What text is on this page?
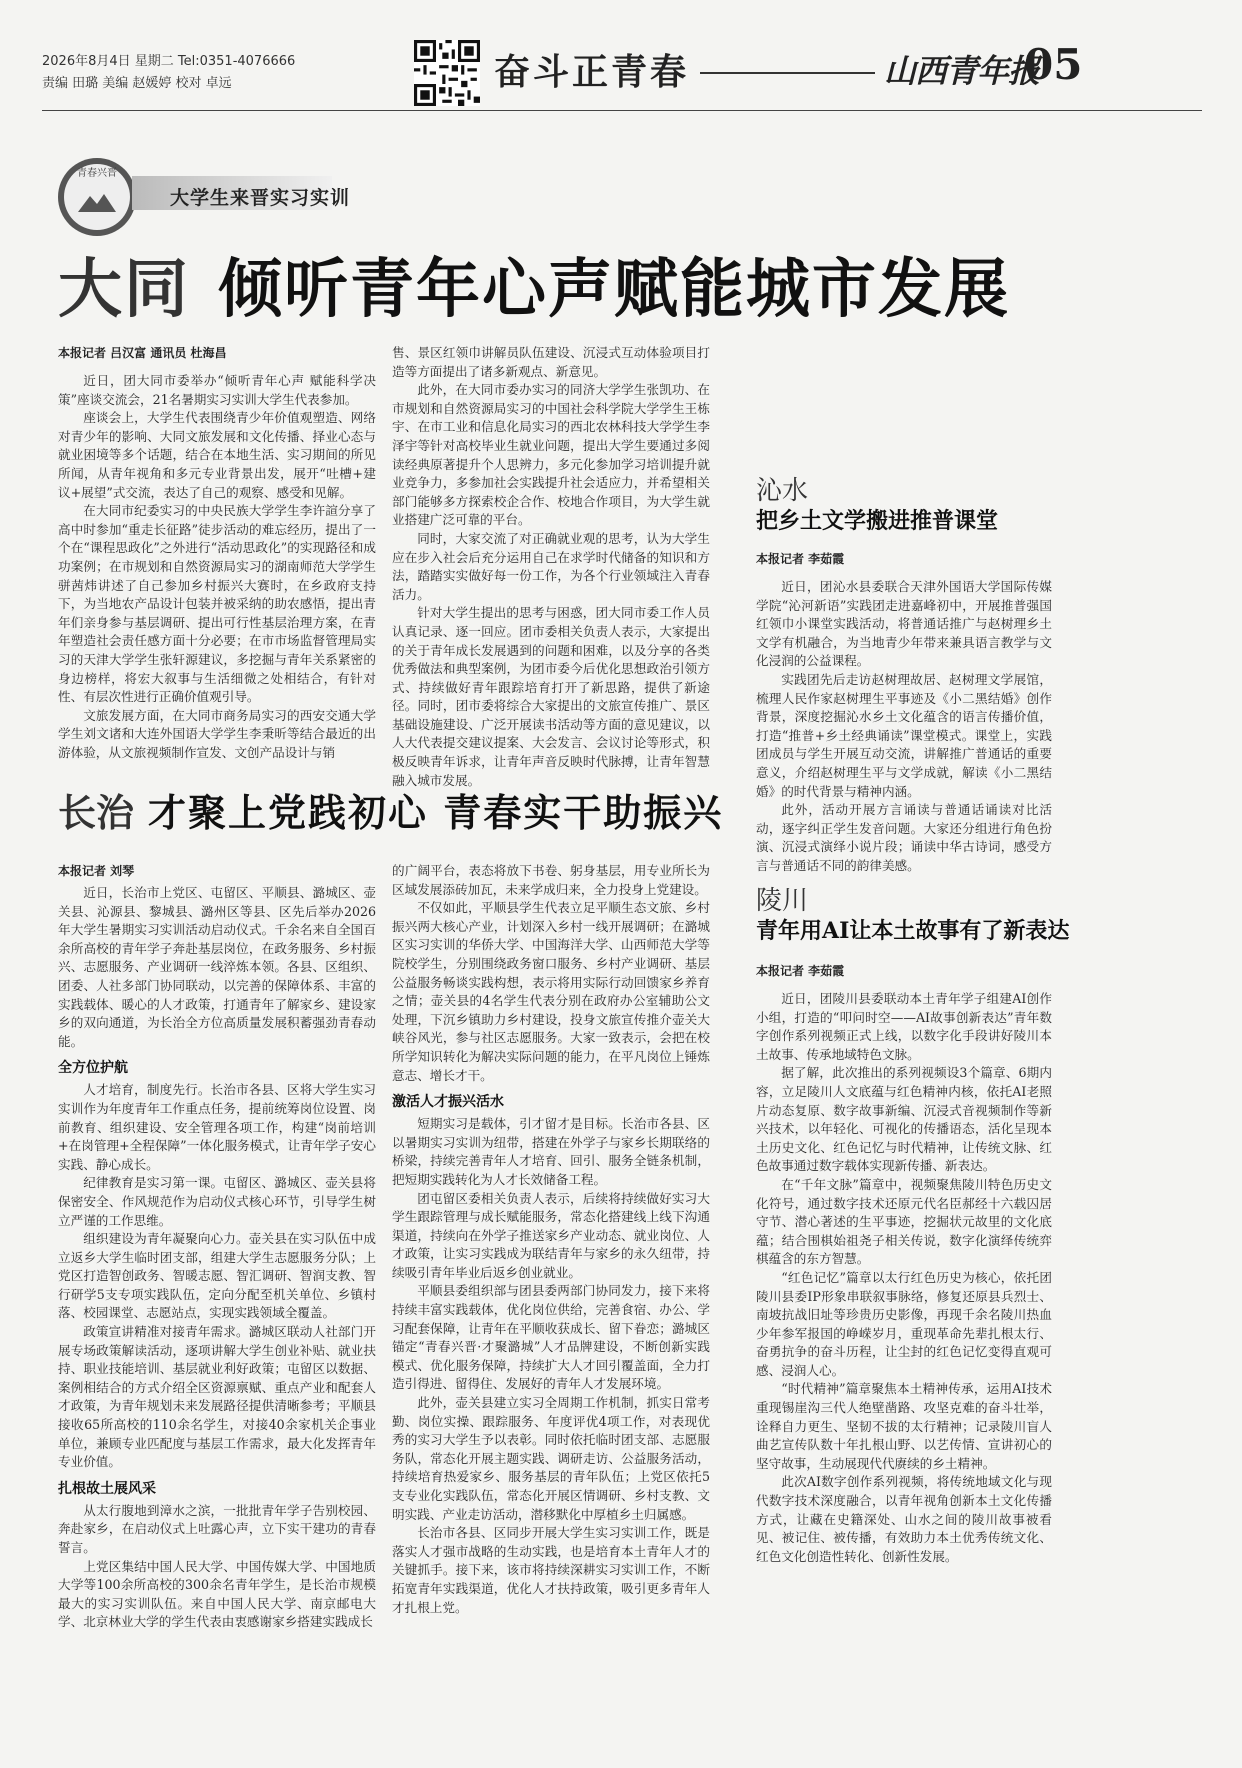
2026年8月4日 星期二 Tel:0351-4076666
责编 田璐 美编 赵媛婷 校对 卓远	奋斗正青春	山西青年报
05
青春兴晋
大学生来晋实习实训
大同 倾听青年心声赋能城市发展
本报记者 吕汉富 通讯员 杜海昌

近日，团大同市委举办“倾听青年心声 赋能科学决策”座谈交流会，21名暑期实习实训大学生代表参加。

座谈会上，大学生代表围绕青少年价值观塑造、网络对青少年的影响、大同文旅发展和文化传播、择业心态与就业困境等多个话题，结合在本地生活、实习期间的所见所闻，从青年视角和多元专业背景出发，展开“吐槽+建议+展望”式交流，表达了自己的观察、感受和见解。

在大同市纪委实习的中央民族大学学生李许諠分享了高中时参加“重走长征路”徒步活动的难忘经历，提出了一个在“课程思政化”之外进行“活动思政化”的实现路径和成功案例；在市规划和自然资源局实习的湖南师范大学学生骈茜炜讲述了自己参加乡村振兴大赛时，在乡政府支持下，为当地农产品设计包装并被采纳的助农感悟，提出青年们亲身参与基层调研、提出可行性基层治理方案，在青年塑造社会责任感方面十分必要；在市市场监督管理局实习的天津大学学生张轩源建议，多挖掘与青年关系紧密的身边榜样，将宏大叙事与生活细微之处相结合，有针对性、有层次性进行正确价值观引导。

文旅发展方面，在大同市商务局实习的西安交通大学学生刘文诸和大连外国语大学学生李秉昕等结合最近的出游体验，从文旅视频制作宣发、文创产品设计与销

售、景区红领巾讲解员队伍建设、沉浸式互动体验项目打造等方面提出了诸多新观点、新意见。

此外，在大同市委办实习的同济大学学生张凯功、在市规划和自然资源局实习的中国社会科学院大学学生王栋宇、在市工业和信息化局实习的西北农林科技大学学生李泽宇等针对高校毕业生就业问题，提出大学生要通过多阅读经典原著提升个人思辨力，多元化参加学习培训提升就业竞争力，多参加社会实践提升社会适应力，并希望相关部门能够多方探索校企合作、校地合作项目，为大学生就业搭建广泛可靠的平台。

同时，大家交流了对正确就业观的思考，认为大学生应在步入社会后充分运用自己在求学时代储备的知识和方法，踏踏实实做好每一份工作，为各个行业领域注入青春活力。

针对大学生提出的思考与困惑，团大同市委工作人员认真记录、逐一回应。团市委相关负责人表示，大家提出的关于青年成长发展遇到的问题和困难，以及分享的各类优秀做法和典型案例，为团市委今后优化思想政治引领方式、持续做好青年跟踪培育打开了新思路，提供了新途径。同时，团市委将综合大家提出的文旅宣传推广、景区基础设施建设、广泛开展读书活动等方面的意见建议，以人大代表提交建议提案、大会发言、会议讨论等形式，积极反映青年诉求，让青年声音反映时代脉搏，让青年智慧融入城市发展。

长治 才聚上党践初心 青春实干助振兴
本报记者 刘琴

近日，长治市上党区、屯留区、平顺县、潞城区、壶关县、沁源县、黎城县、潞州区等县、区先后举办2026年大学生暑期实习实训活动启动仪式。千余名来自全国百余所高校的青年学子奔赴基层岗位，在政务服务、乡村振兴、志愿服务、产业调研一线淬炼本领。各县、区组织、团委、人社多部门协同联动，以完善的保障体系、丰富的实践载体、暖心的人才政策，打通青年了解家乡、建设家乡的双向通道，为长治全方位高质量发展积蓄强劲青春动能。

全方位护航

人才培育，制度先行。长治市各县、区将大学生实习实训作为年度青年工作重点任务，提前统筹岗位设置、岗前教育、组织建设、安全管理各项工作，构建“岗前培训+在岗管理+全程保障”一体化服务模式，让青年学子安心实践、静心成长。

纪律教育是实习第一课。屯留区、潞城区、壶关县将保密安全、作风规范作为启动仪式核心环节，引导学生树立严谨的工作思维。

组织建设为青年凝聚向心力。壶关县在实习队伍中成立返乡大学生临时团支部，组建大学生志愿服务分队；上党区打造智创政务、智暖志愿、智汇调研、智润支教、智行研学5支专项实践队伍，定向分配至机关单位、乡镇村落、校园课堂、志愿站点，实现实践领域全覆盖。

政策宣讲精准对接青年需求。潞城区联动人社部门开展专场政策解读活动，逐项讲解大学生创业补贴、就业扶持、职业技能培训、基层就业利好政策；屯留区以数据、案例相结合的方式介绍全区资源禀赋、重点产业和配套人才政策，为青年规划未来发展路径提供清晰参考；平顺县接收65所高校的110余名学生，对接40余家机关企事业单位，兼顾专业匹配度与基层工作需求，最大化发挥青年专业价值。

扎根故土展风采

从太行腹地到漳水之滨，一批批青年学子告别校园、奔赴家乡，在启动仪式上吐露心声，立下实干建功的青春誓言。

上党区集结中国人民大学、中国传媒大学、中国地质大学等100余所高校的300余名青年学生，是长治市规模最大的实习实训队伍。来自中国人民大学、南京邮电大学、北京林业大学的学生代表由衷感谢家乡搭建实践成长

的广阔平台，表态将放下书卷、躬身基层，用专业所长为区域发展添砖加瓦，未来学成归来，全力投身上党建设。

不仅如此，平顺县学生代表立足平顺生态文旅、乡村振兴两大核心产业，计划深入乡村一线开展调研；在潞城区实习实训的华侨大学、中国海洋大学、山西师范大学等院校学生，分别围绕政务窗口服务、乡村产业调研、基层公益服务畅谈实践构想，表示将用实际行动回馈家乡养育之情；壶关县的4名学生代表分别在政府办公室辅助公文处理，下沉乡镇助力乡村建设，投身文旅宣传推介壶关大峡谷风光，参与社区志愿服务。大家一致表示，会把在校所学知识转化为解决实际问题的能力，在平凡岗位上锤炼意志、增长才干。

激活人才振兴活水

短期实习是载体，引才留才是目标。长治市各县、区以暑期实习实训为纽带，搭建在外学子与家乡长期联络的桥梁，持续完善青年人才培育、回引、服务全链条机制，把短期实践转化为人才长效储备工程。

团屯留区委相关负责人表示，后续将持续做好实习大学生跟踪管理与成长赋能服务，常态化搭建线上线下沟通渠道，持续向在外学子推送家乡产业动态、就业岗位、人才政策，让实习实践成为联结青年与家乡的永久纽带，持续吸引青年毕业后返乡创业就业。

平顺县委组织部与团县委两部门协同发力，接下来将持续丰富实践载体，优化岗位供给，完善食宿、办公、学习配套保障，让青年在平顺收获成长、留下眷恋；潞城区锚定“青春兴晋·才聚潞城”人才品牌建设，不断创新实践模式、优化服务保障，持续扩大人才回引覆盖面，全力打造引得进、留得住、发展好的青年人才发展环境。

此外，壶关县建立实习全周期工作机制，抓实日常考勤、岗位实操、跟踪服务、年度评优4项工作，对表现优秀的实习大学生予以表彰。同时依托临时团支部、志愿服务队，常态化开展主题实践、调研走访、公益服务活动，持续培育热爱家乡、服务基层的青年队伍；上党区依托5支专业化实践队伍，常态化开展区情调研、乡村支教、文明实践、产业走访活动，潜移默化中厚植乡土归属感。

长治市各县、区同步开展大学生实习实训工作，既是落实人才强市战略的生动实践，也是培育本土青年人才的关键抓手。接下来，该市将持续深耕实习实训工作，不断拓宽青年实践渠道，优化人才扶持政策，吸引更多青年人才扎根上党。

沁水
把乡土文学搬进推普课堂
本报记者 李茹霞

近日，团沁水县委联合天津外国语大学国际传媒学院“沁河新语”实践团走进嘉峰初中，开展推普强国红领巾小课堂实践活动，将普通话推广与赵树理乡土文学有机融合，为当地青少年带来兼具语言教学与文化浸润的公益课程。

实践团先后走访赵树理故居、赵树理文学展馆，梳理人民作家赵树理生平事迹及《小二黑结婚》创作背景，深度挖掘沁水乡土文化蕴含的语言传播价值，打造“推普+乡土经典诵读”课堂模式。课堂上，实践团成员与学生开展互动交流，讲解推广普通话的重要意义，介绍赵树理生平与文学成就，解读《小二黑结婚》的时代背景与精神内涵。

此外，活动开展方言诵读与普通话诵读对比活动，逐字纠正学生发音问题。大家还分组进行角色扮演、沉浸式演绎小说片段；诵读中华古诗词，感受方言与普通话不同的韵律美感。

陵川
青年用AI让本土故事有了新表达
本报记者 李茹霞

近日，团陵川县委联动本土青年学子组建AI创作小组，打造的“叩问时空——AI故事创新表达”青年数字创作系列视频正式上线，以数字化手段讲好陵川本土故事、传承地域特色文脉。

据了解，此次推出的系列视频设3个篇章、6期内容，立足陵川人文底蕴与红色精神内核，依托AI老照片动态复原、数字故事新编、沉浸式音视频制作等新兴技术，以年轻化、可视化的传播语态，活化呈现本土历史文化、红色记忆与时代精神，让传统文脉、红色故事通过数字载体实现新传播、新表达。

在“千年文脉”篇章中，视频聚焦陵川特色历史文化符号，通过数字技术还原元代名臣郝经十六载囚居守节、潜心著述的生平事迹，挖掘状元故里的文化底蕴；结合围棋始祖尧子相关传说，数字化演绎传统弈棋蕴含的东方智慧。

“红色记忆”篇章以太行红色历史为核心，依托团陵川县委IP形象串联叙事脉络，修复还原县兵烈士、南坡抗战旧址等珍贵历史影像，再现千余名陵川热血少年参军报国的峥嵘岁月，重现革命先辈扎根太行、奋勇抗争的奋斗历程，让尘封的红色记忆变得直观可感、浸润人心。

“时代精神”篇章聚焦本土精神传承，运用AI技术重现锡崖沟三代人绝壁凿路、攻坚克难的奋斗壮举，诠释自力更生、坚韧不拔的太行精神；记录陵川盲人曲艺宣传队数十年扎根山野、以艺传情、宣讲初心的坚守故事，生动展现代代赓续的乡土精神。

此次AI数字创作系列视频，将传统地域文化与现代数字技术深度融合，以青年视角创新本土文化传播方式，让藏在史籍深处、山水之间的陵川故事被看见、被记住、被传播，有效助力本土优秀传统文化、红色文化创造性转化、创新性发展。
